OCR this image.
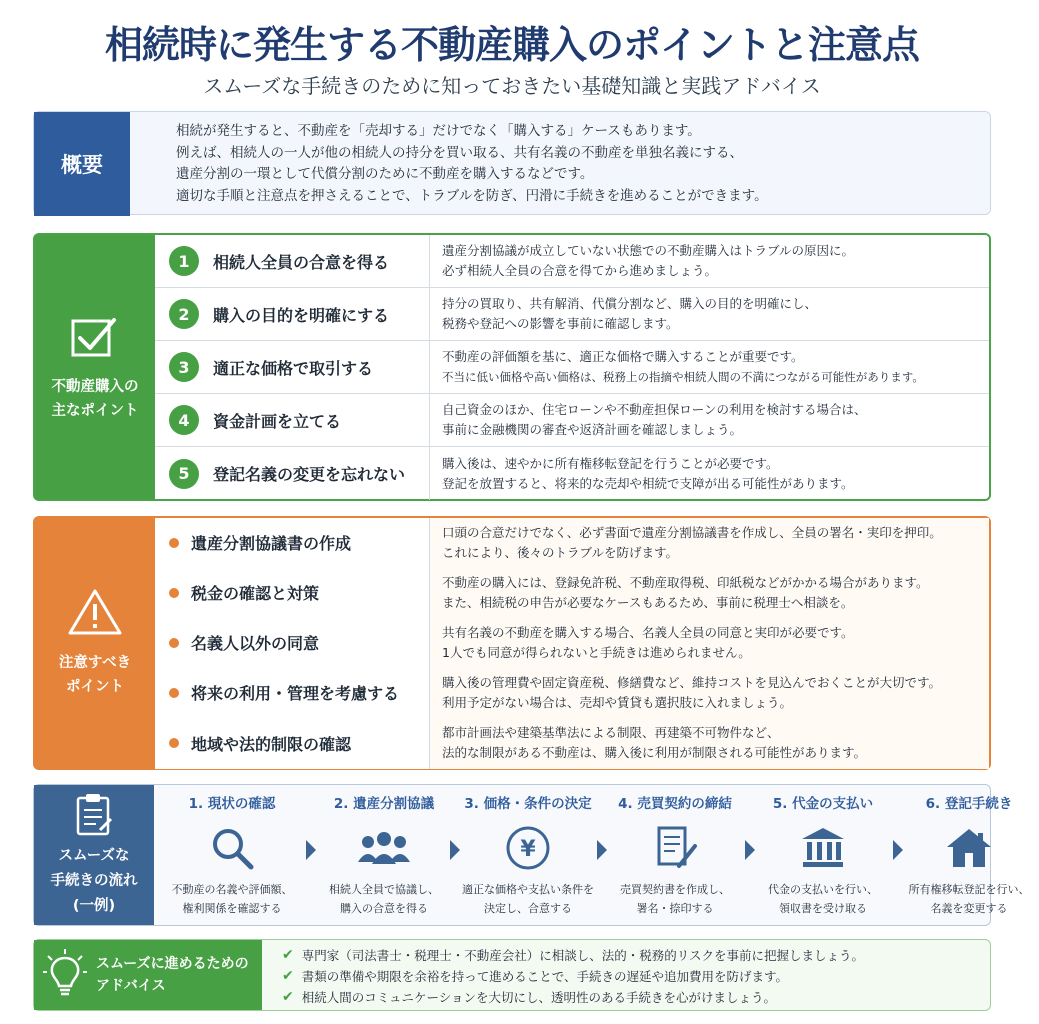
相続時に発生する不動産購入のポイントと注意点
スムーズな手続きのために知っておきたい基礎知識と実践アドバイス
概要
相続が発生すると、不動産を「売却する」だけでなく「購入する」ケースもあります。
例えば、相続人の一人が他の相続人の持分を買い取る、共有名義の不動産を単独名義にする、
遺産分割の一環として代償分割のために不動産を購入するなどです。
適切な手順と注意点を押さえることで、トラブルを防ぎ、円滑に手続きを進めることができます。
不動産購入の
主なポイント
1	相続人全員の合意を得る
遺産分割協議が成立していない状態での不動産購入はトラブルの原因に。
必ず相続人全員の合意を得てから進めましょう。
2	購入の目的を明確にする
持分の買取り、共有解消、代償分割など、購入の目的を明確にし、
税務や登記への影響を事前に確認します。
3	適正な価格で取引する
不動産の評価額を基に、適正な価格で購入することが重要です。
不当に低い価格や高い価格は、税務上の指摘や相続人間の不満につながる可能性があります。
4	資金計画を立てる
自己資金のほか、住宅ローンや不動産担保ローンの利用を検討する場合は、
事前に金融機関の審査や返済計画を確認しましょう。
5	登記名義の変更を忘れない
購入後は、速やかに所有権移転登記を行うことが必要です。
登記を放置すると、将来的な売却や相続で支障が出る可能性があります。
注意すべき
ポイント
遺産分割協議書の作成
口頭の合意だけでなく、必ず書面で遺産分割協議書を作成し、全員の署名・実印を押印。
これにより、後々のトラブルを防げます。
税金の確認と対策
不動産の購入には、登録免許税、不動産取得税、印紙税などがかかる場合があります。
また、相続税の申告が必要なケースもあるため、事前に税理士へ相談を。
名義人以外の同意
共有名義の不動産を購入する場合、名義人全員の同意と実印が必要です。
1人でも同意が得られないと手続きは進められません。
将来の利用・管理を考慮する
購入後の管理費や固定資産税、修繕費など、維持コストを見込んでおくことが大切です。
利用予定がない場合は、売却や賃貸も選択肢に入れましょう。
地域や法的制限の確認
都市計画法や建築基準法による制限、再建築不可物件など、
法的な制限がある不動産は、購入後に利用が制限される可能性があります。
スムーズな
手続きの流れ
(一例)
1. 現状の確認
不動産の名義や評価額、
権利関係を確認する
2. 遺産分割協議
相続人全員で協議し、
購入の合意を得る
3. 価格・条件の決定
¥
適正な価格や支払い条件を
決定し、合意する
4. 売買契約の締結
売買契約書を作成し、
署名・捺印する
5. 代金の支払い
代金の支払いを行い、
領収書を受け取る
6. 登記手続き
所有権移転登記を行い、
名義を変更する
スムーズに進めるための
アドバイス
✔ 専門家（司法書士・税理士・不動産会社）に相談し、法的・税務的リスクを事前に把握しましょう。
✔ 書類の準備や期限を余裕を持って進めることで、手続きの遅延や追加費用を防げます。
✔ 相続人間のコミュニケーションを大切にし、透明性のある手続きを心がけましょう。
